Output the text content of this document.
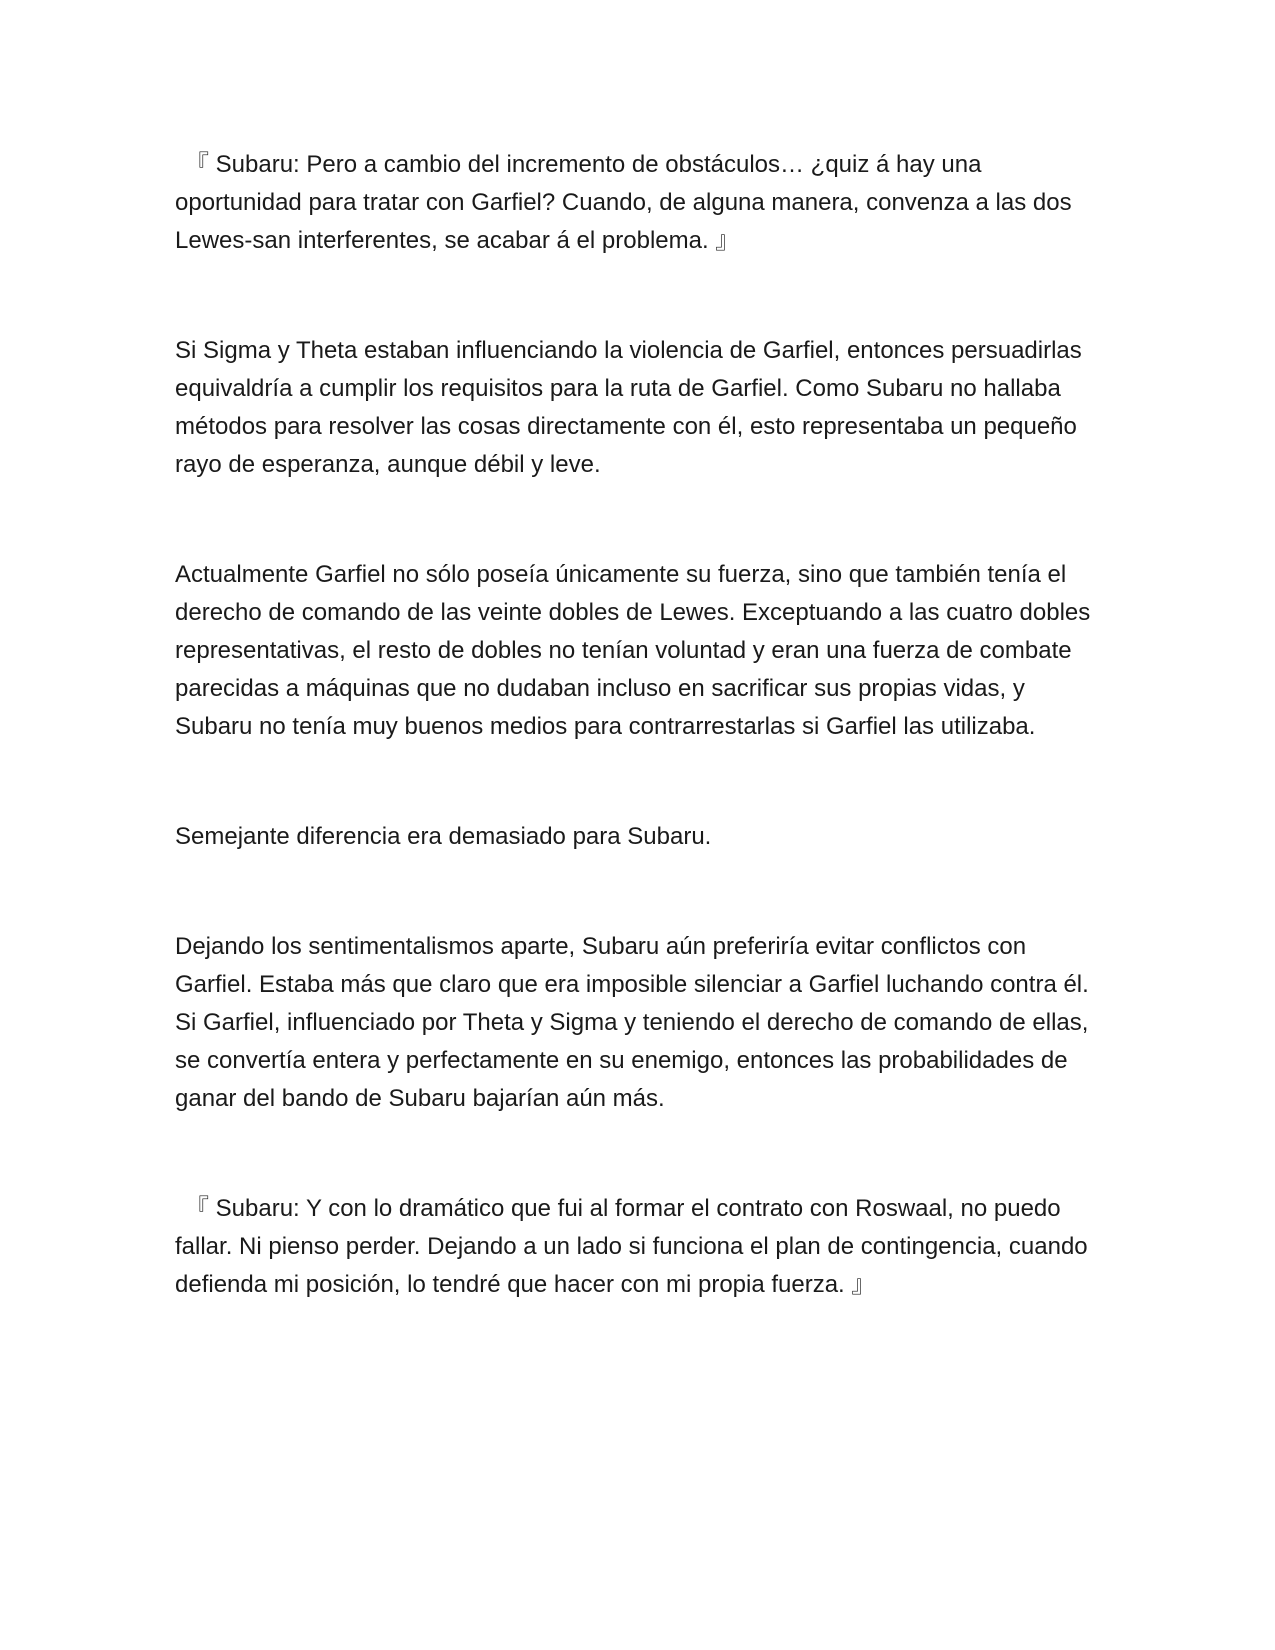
『 Subaru: Pero a cambio del incremento de obstáculos… ¿quiz á hay una oportunidad para tratar con Garfiel? Cuando, de alguna manera, convenza a las dos Lewes-san interferentes, se acabar á el problema. 』

Si Sigma y Theta estaban influenciando la violencia de Garfiel, entonces persuadirlas equivaldría a cumplir los requisitos para la ruta de Garfiel. Como Subaru no hallaba métodos para resolver las cosas directamente con él, esto representaba un pequeño rayo de esperanza, aunque débil y leve.

Actualmente Garfiel no sólo poseía únicamente su fuerza, sino que también tenía el derecho de comando de las veinte dobles de Lewes. Exceptuando a las cuatro dobles representativas, el resto de dobles no tenían voluntad y eran una fuerza de combate parecidas a máquinas que no dudaban incluso en sacrificar sus propias vidas, y Subaru no tenía muy buenos medios para contrarrestarlas si Garfiel las utilizaba.

Semejante diferencia era demasiado para Subaru.

Dejando los sentimentalismos aparte, Subaru aún preferiría evitar conflictos con Garfiel. Estaba más que claro que era imposible silenciar a Garfiel luchando contra él. Si Garfiel, influenciado por Theta y Sigma y teniendo el derecho de comando de ellas, se convertía entera y perfectamente en su enemigo, entonces las probabilidades de ganar del bando de Subaru bajarían aún más.

『 Subaru: Y con lo dramático que fui al formar el contrato con Roswaal, no puedo fallar. Ni pienso perder. Dejando a un lado si funciona el plan de contingencia, cuando defienda mi posición, lo tendré que hacer con mi propia fuerza. 』
